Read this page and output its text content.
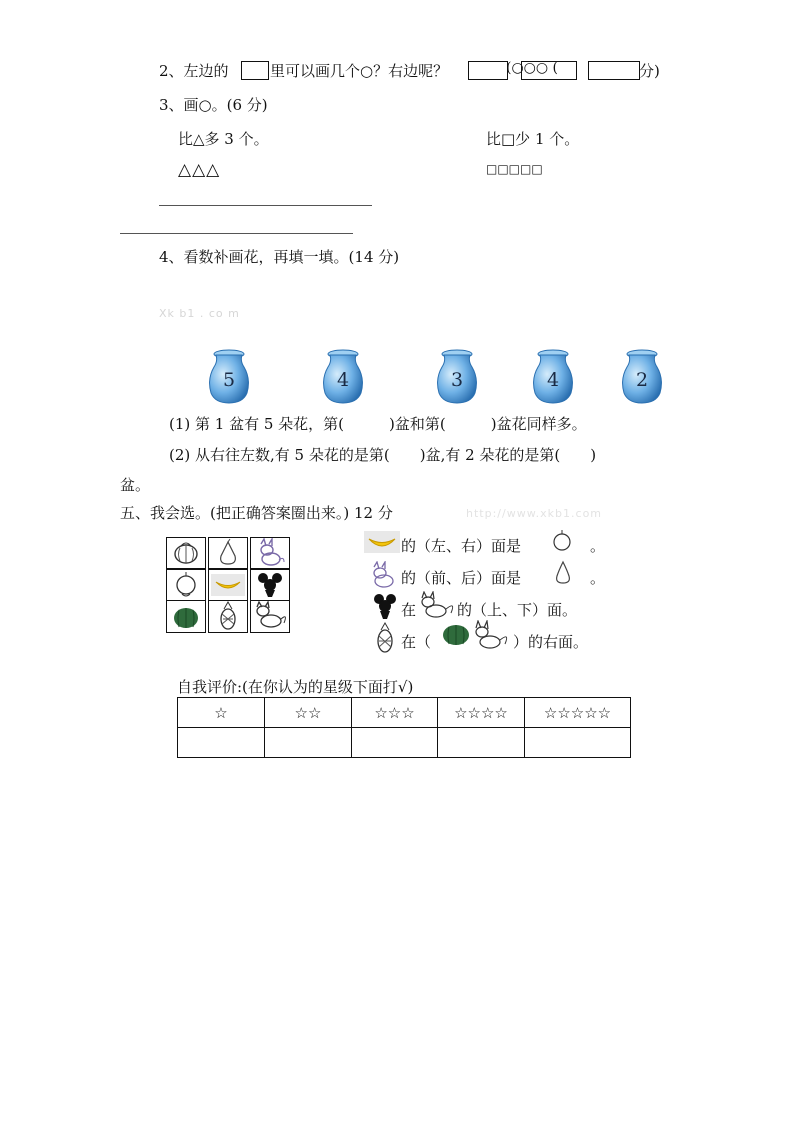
2、左边的	里可以画几个○？右边呢？	(○○○ (	分)
3、画○。(6 分)
比△多 3 个。
△△△
比□少 1 个。
□□□□□
4、看数补画花，再填一填。(14 分)
Xk b1 . co m
5	4	3	4	2
(1) 第 1 盆有 5 朵花，第(　　　)盆和第(　　　)盆花同样多。
(2) 从右往左数,有 5 朵花的是第(　　)盆,有 2 朵花的是第(　　)
盆。
五、我会选。(把正确答案圈出来。) 12 分	http://www.xkb1.com
的（左、右）面是	。
的（前、后）面是	。
在	的（上、下）面。
在（	）的右面。
自我评价:(在你认为的星级下面打√)
☆	☆☆	☆☆☆	☆☆☆☆	☆☆☆☆☆
